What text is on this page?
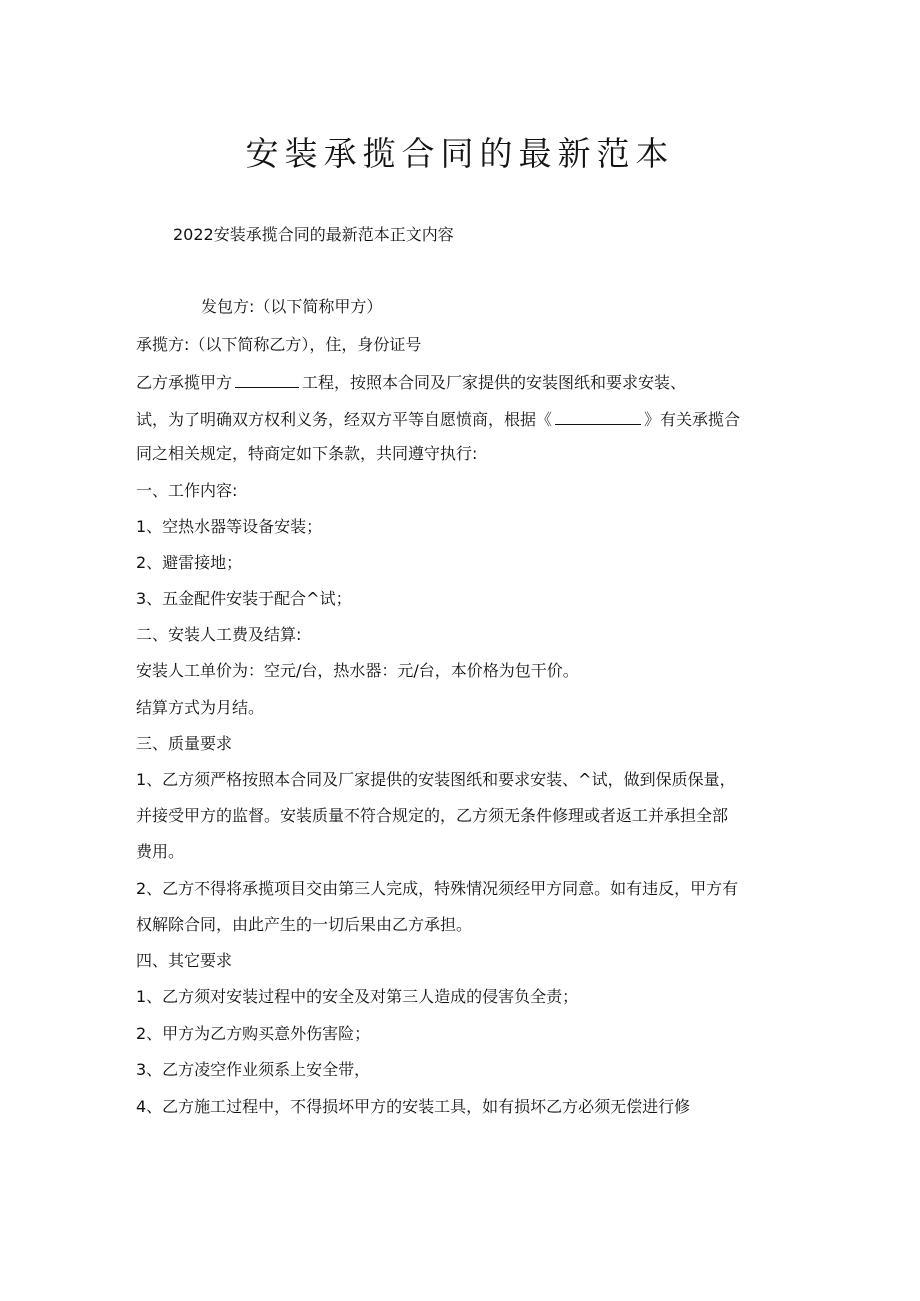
安装承揽合同的最新范本
2022安装承揽合同的最新范本正文内容
发包方:（以下简称甲方）
承揽方:（以下简称乙方），住，身份证号
乙方承揽甲方	工程，按照本合同及厂家提供的安装图纸和要求安装、
试，为了明确双方权利义务，经双方平等自愿愤商，根据《	》有关承揽合
同之相关规定，特商定如下条款，共同遵守执行:
一、工作内容:
1、空热水器等设备安装；
2、避雷接地；
3、五金配件安装于配合^试；
二、安装人工费及结算:
安装人工单价为：空元/台，热水器：元/台，本价格为包干价。
结算方式为月结。
三、质量要求
1、乙方须严格按照本合同及厂家提供的安装图纸和要求安装、^试，做到保质保量，
并接受甲方的监督。安装质量不符合规定的，乙方须无条件修理或者返工并承担全部
费用。
2、乙方不得将承揽项目交由第三人完成，特殊情况须经甲方同意。如有违反，甲方有
权解除合同，由此产生的一切后果由乙方承担。
四、其它要求
1、乙方须对安装过程中的安全及对第三人造成的侵害负全责；
2、甲方为乙方购买意外伤害险；
3、乙方凌空作业须系上安全带，
4、乙方施工过程中，不得损坏甲方的安装工具，如有损坏乙方必须无偿进行修
